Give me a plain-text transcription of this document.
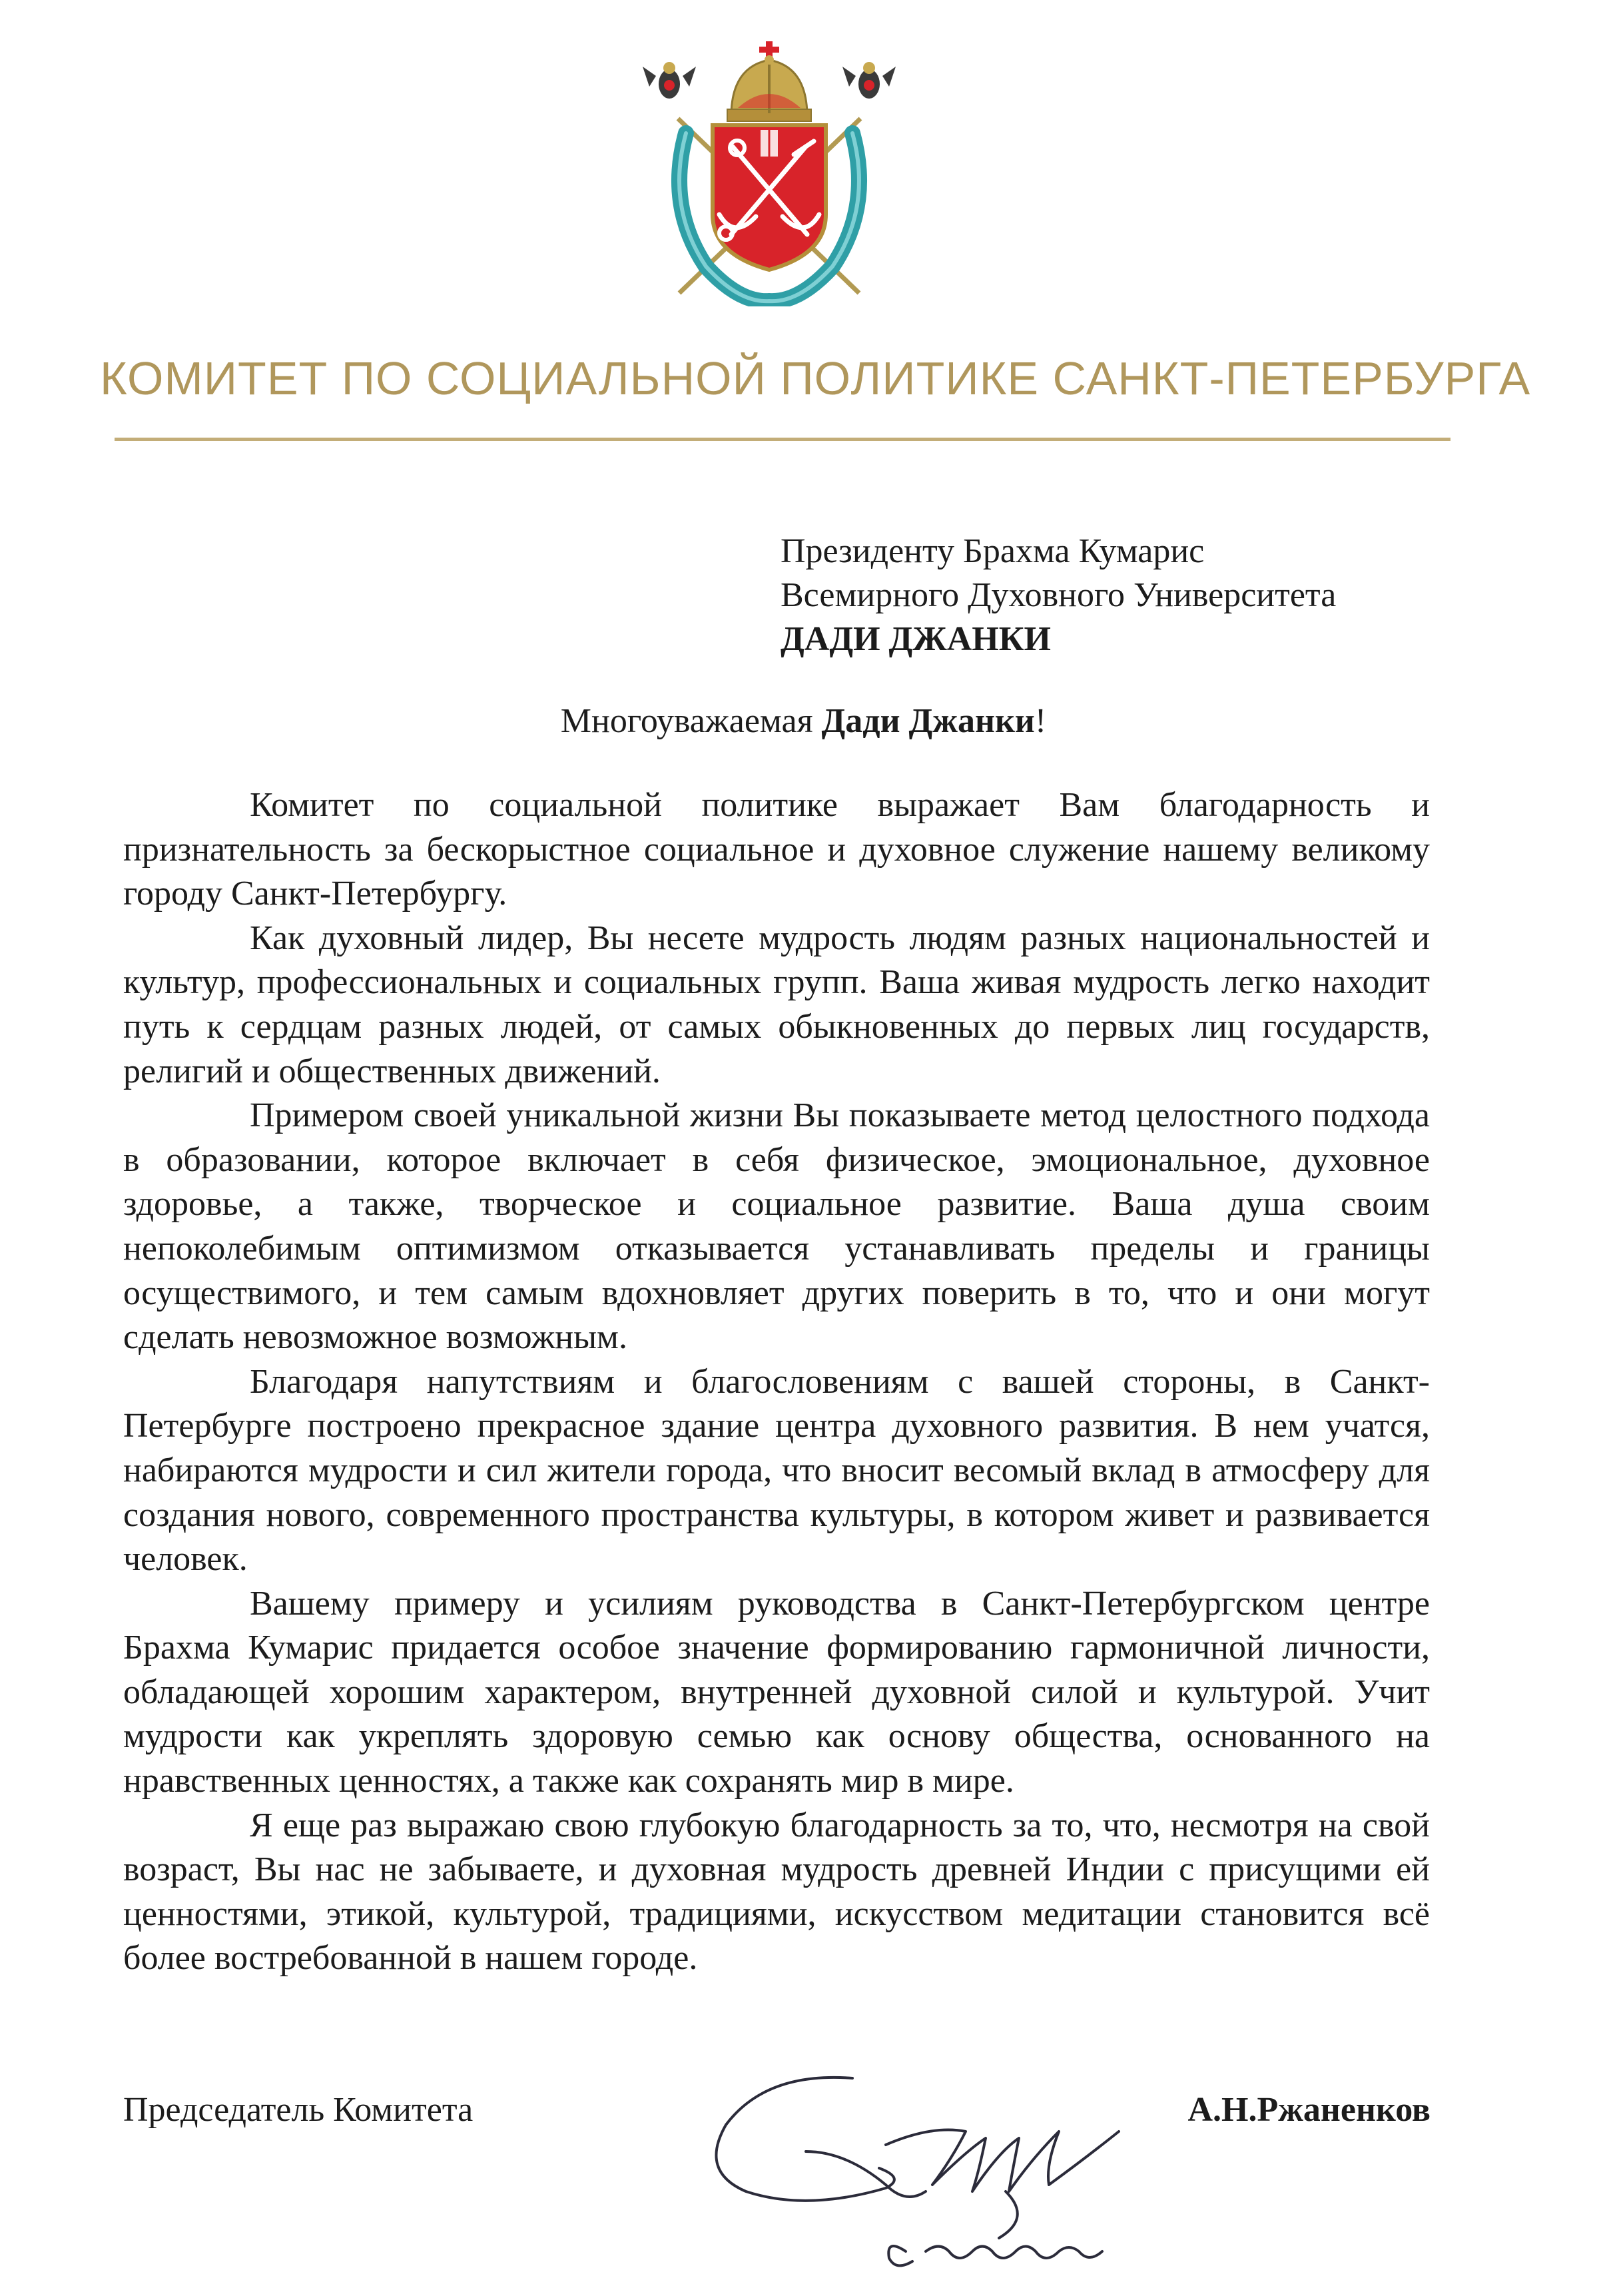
КОМИТЕТ ПО СОЦИАЛЬНОЙ ПОЛИТИКЕ САНКТ-ПЕТЕРБУРГА
Президенту Брахма Кумарис
Всемирного Духовного Университета
ДАДИ ДЖАНКИ
Многоуважаемая Дади Джанки!

Комитет по социальной политике выражает Вам благодарность и признательность за бескорыстное социальное и духовное служение нашему великому городу Санкт-Петербургу.

Как духовный лидер, Вы несете мудрость людям разных национальностей и культур, профессиональных и социальных групп. Ваша живая мудрость легко находит путь к сердцам разных людей, от самых обыкновенных до первых лиц государств, религий и общественных движений.

Примером своей уникальной жизни Вы показываете метод целостного подхода в образовании, которое включает в себя физическое, эмоциональное, духовное здоровье, а также, творческое и социальное развитие. Ваша душа своим непоколебимым оптимизмом отказывается устанавливать пределы и границы осуществимого, и тем самым вдохновляет других поверить в то, что и они могут сделать невозможное возможным.

Благодаря напутствиям и благословениям с вашей стороны, в Санкт-Петербурге построено прекрасное здание центра духовного развития. В нем учатся, набираются мудрости и сил жители города, что вносит весомый вклад в атмосферу для создания нового, современного пространства культуры, в котором живет и развивается человек.

Вашему примеру и усилиям руководства в Санкт-Петербургском центре Брахма Кумарис придается особое значение формированию гармоничной личности, обладающей хорошим характером, внутренней духовной силой и культурой. Учит мудрости как укреплять здоровую семью как основу общества, основанного на нравственных ценностях, а также как сохранять мир в мире.

Я еще раз выражаю свою глубокую благодарность за то, что, несмотря на свой возраст, Вы нас не забываете, и духовная мудрость древней Индии с присущими ей ценностями, этикой, культурой, традициями, искусством медитации становится всё более востребованной в нашем городе.

Председатель Комитета	А.Н.Ржаненков
